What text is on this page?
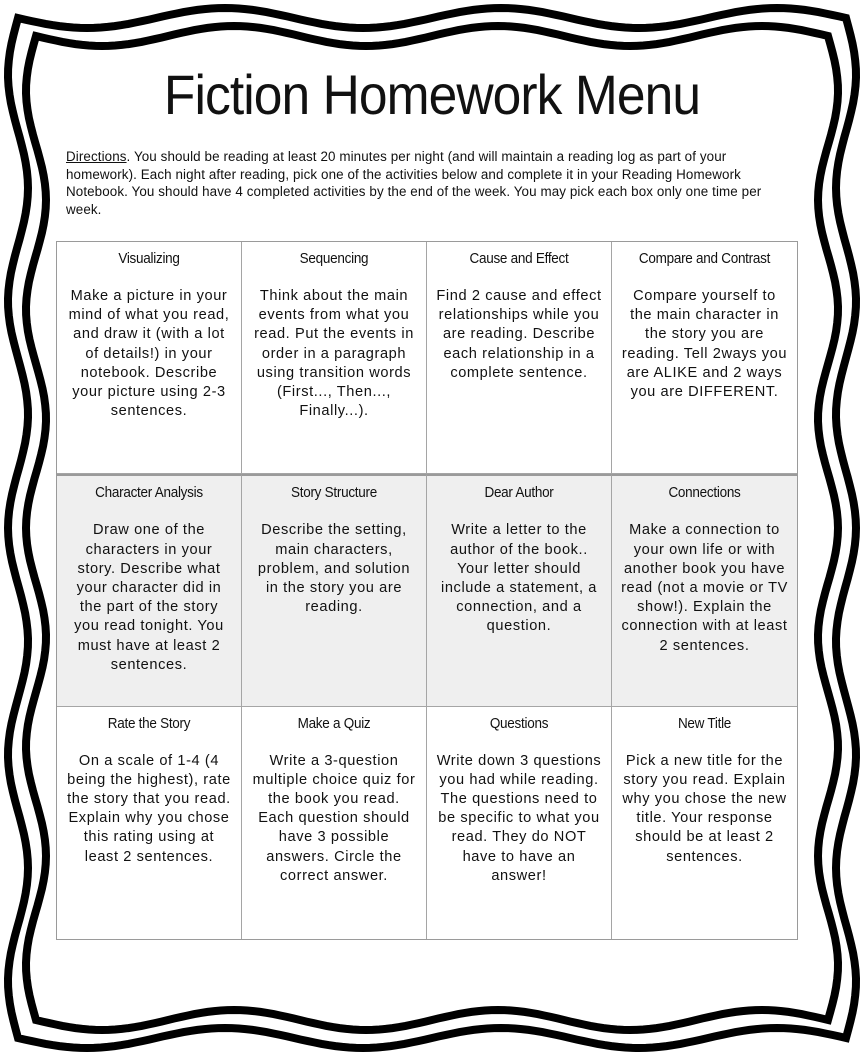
Fiction Homework Menu
Directions. You should be reading at least 20 minutes per night (and will maintain a reading log as part of your homework). Each night after reading, pick one of the activities below and complete it in your Reading Homework Notebook. You should have 4 completed activities by the end of the week. You may pick each box only one time per week.
Visualizing

Make a picture in your mind of what you read, and draw it (with a lot of details!) in your notebook. Describe your picture using 2-3 sentences.

Sequencing

Think about the main events from what you read. Put the events in order in a paragraph using transition words (First..., Then..., Finally...).

Cause and Effect

Find 2 cause and effect relationships while you are reading. Describe each relationship in a complete sentence.

Compare and Contrast

Compare yourself to the main character in the story you are reading. Tell 2ways you are ALIKE and 2 ways you are DIFFERENT.

Character Analysis

Draw one of the characters in your story. Describe what your character did in the part of the story you read tonight. You must have at least 2 sentences.

Story Structure

Describe the setting, main characters, problem, and solution in the story you are reading.

Dear Author

Write a letter to the author of the book.. Your letter should include a statement, a connection, and a question.

Connections

Make a connection to your own life or with another book you have read (not a movie or TV show!). Explain the connection with at least 2 sentences.

Rate the Story

On a scale of 1-4 (4 being the highest), rate the story that you read. Explain why you chose this rating using at least 2 sentences.

Make a Quiz

Write a 3-question multiple choice quiz for the book you read. Each question should have 3 possible answers. Circle the correct answer.

Questions

Write down 3 questions you had while reading. The questions need to be specific to what you read. They do NOT have to have an answer!

New Title

Pick a new title for the story you read. Explain why you chose the new title. Your response should be at least 2 sentences.
